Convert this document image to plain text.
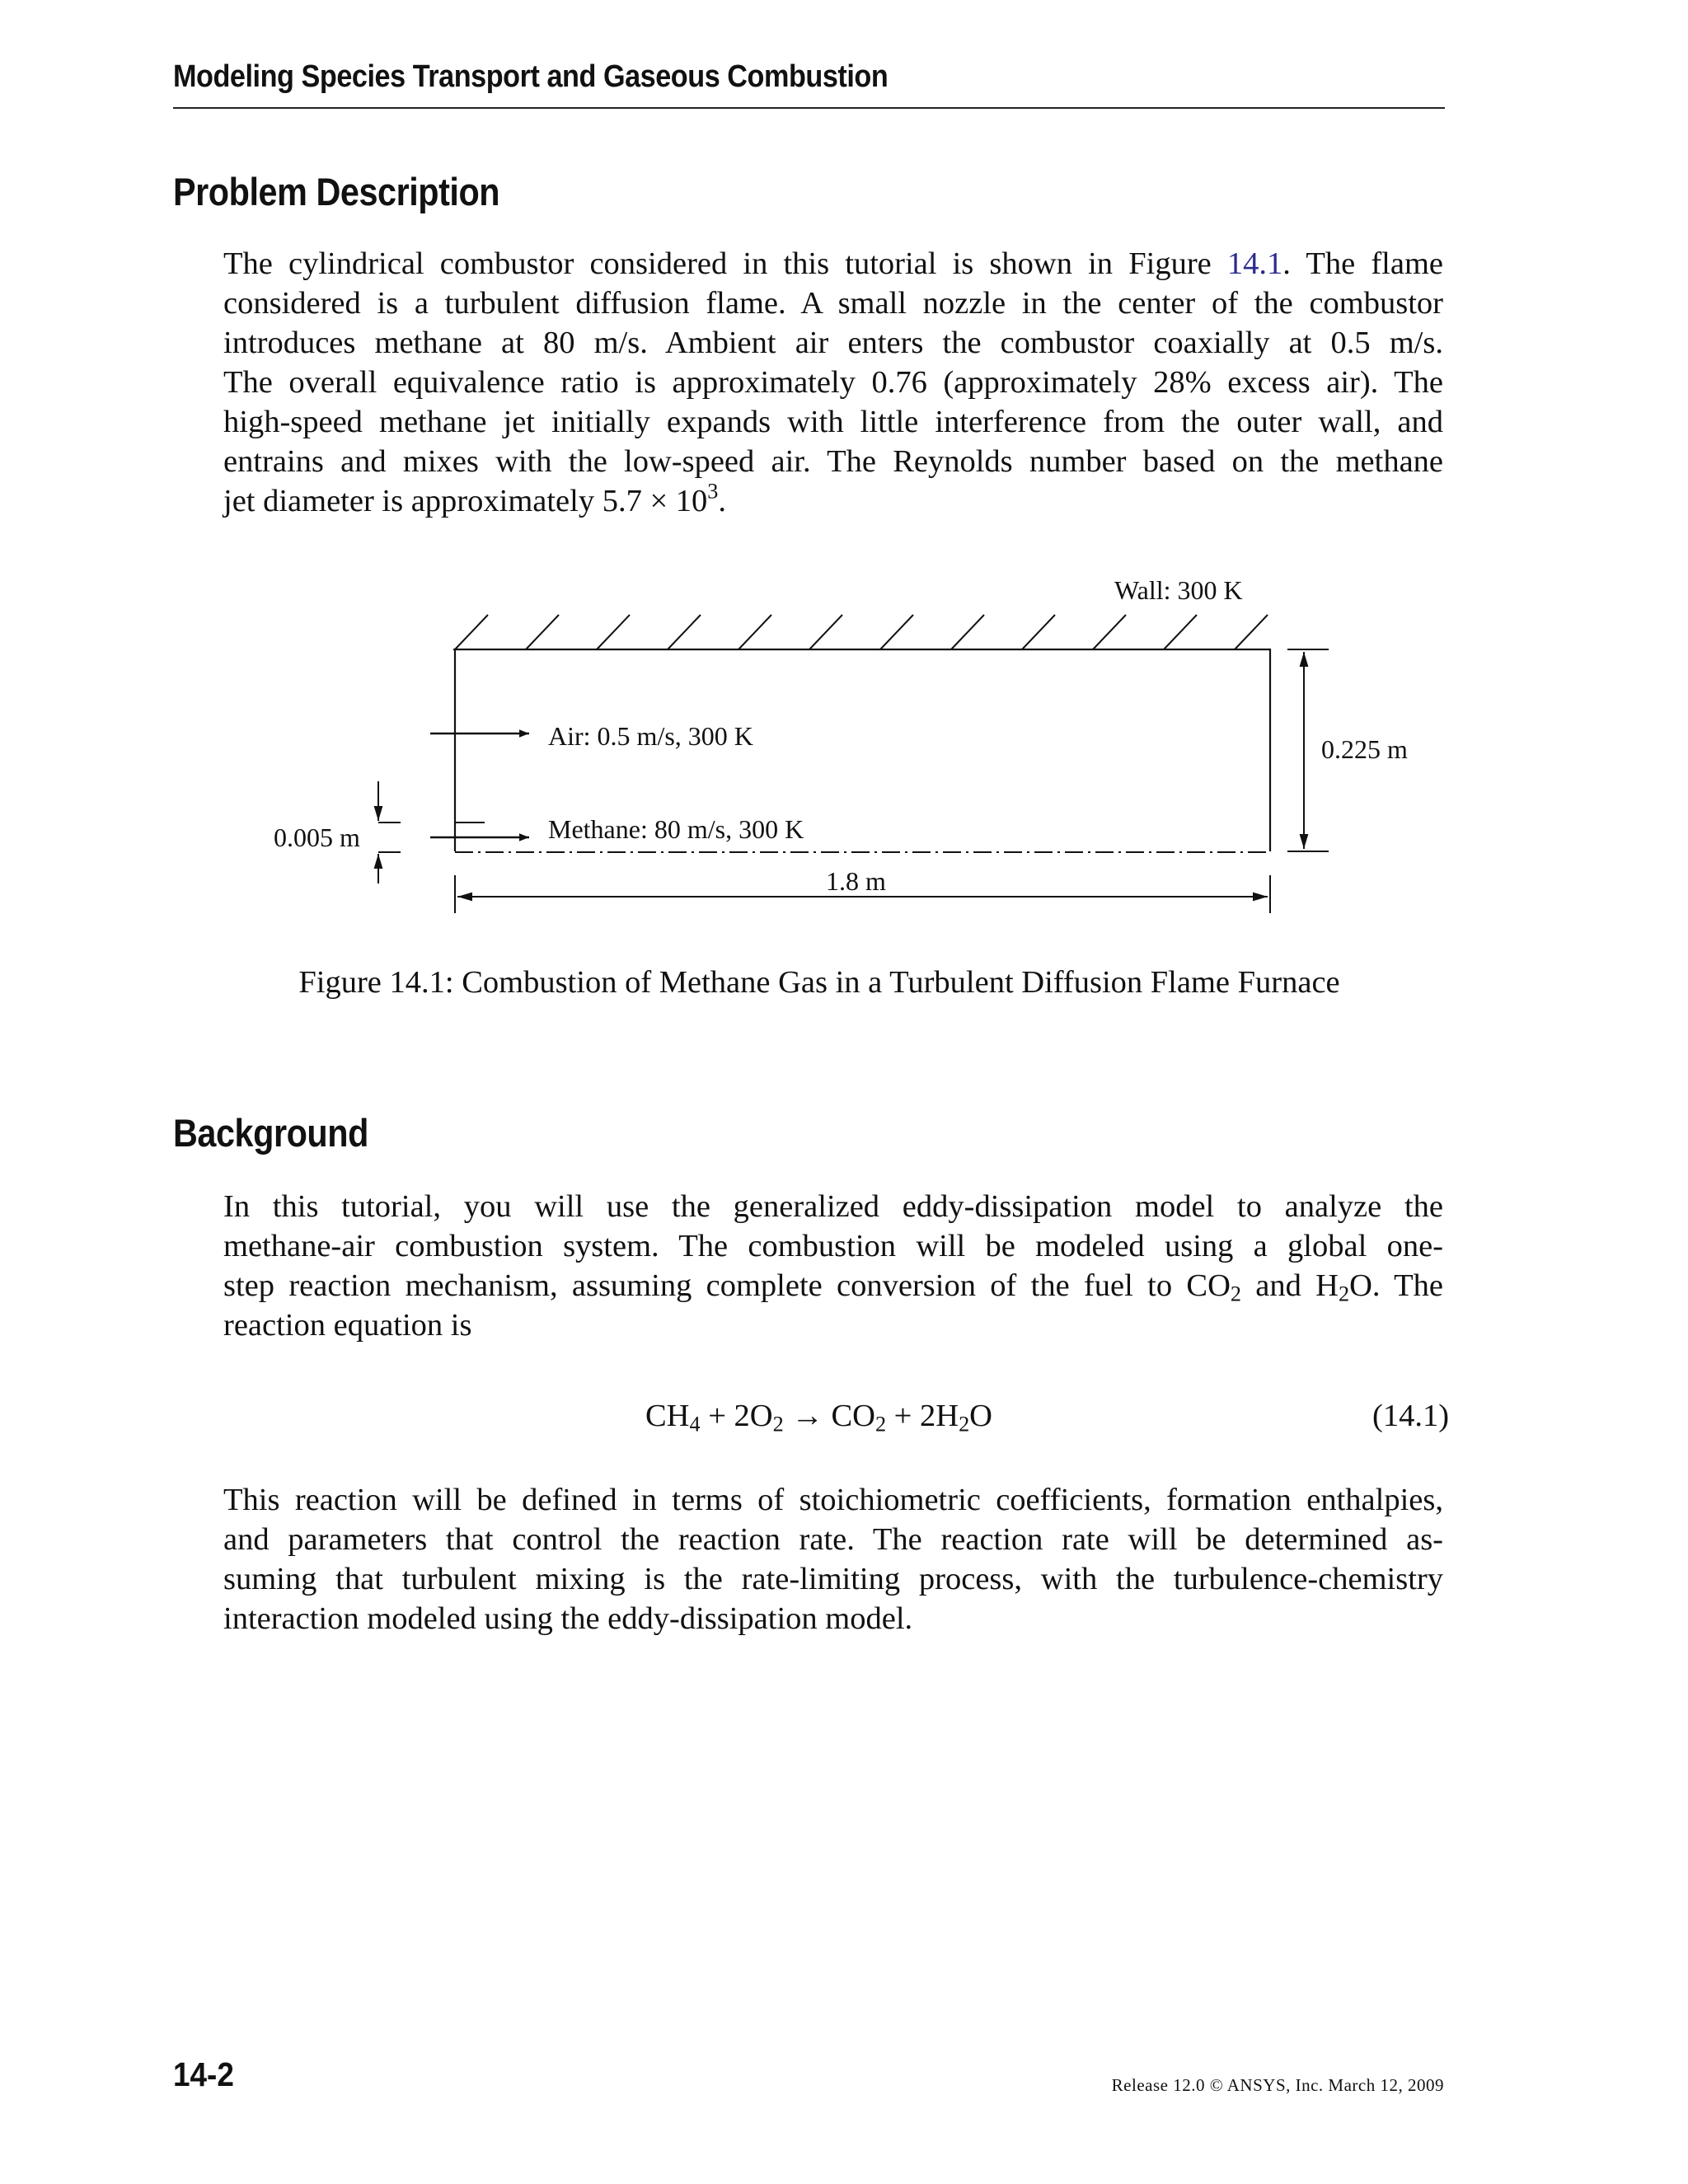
Modeling Species Transport and Gaseous Combustion
Problem Description
The cylindrical combustor considered in this tutorial is shown in Figure 14.1. The flame
considered is a turbulent diffusion flame. A small nozzle in the center of the combustor
introduces methane at 80 m/s. Ambient air enters the combustor coaxially at 0.5 m/s.
The overall equivalence ratio is approximately 0.76 (approximately 28% excess air). The
high-speed methane jet initially expands with little interference from the outer wall, and
entrains and mixes with the low-speed air. The Reynolds number based on the methane
jet diameter is approximately $5.7 \times 10^3$.
Wall: 300 K
Air: 0.5 m/s, 300 K
Methane: 80 m/s, 300 K
0.225 m
1.8 m
0.005 m
Figure 14.1: Combustion of Methane Gas in a Turbulent Diffusion Flame Furnace
Background
In this tutorial, you will use the generalized eddy-dissipation model to analyze the
methane-air combustion system. The combustion will be modeled using a global one-
step reaction mechanism, assuming complete conversion of the fuel to $CO_2$ and $H_2O$. The
reaction equation is
$CH_4 + 2O_2 \to CO_2 + 2H_2O$	(14.1)
This reaction will be defined in terms of stoichiometric coefficients, formation enthalpies,
and parameters that control the reaction rate. The reaction rate will be determined as-
suming that turbulent mixing is the rate-limiting process, with the turbulence-chemistry
interaction modeled using the eddy-dissipation model.
14-2	Release 12.0 © ANSYS, Inc. March 12, 2009
